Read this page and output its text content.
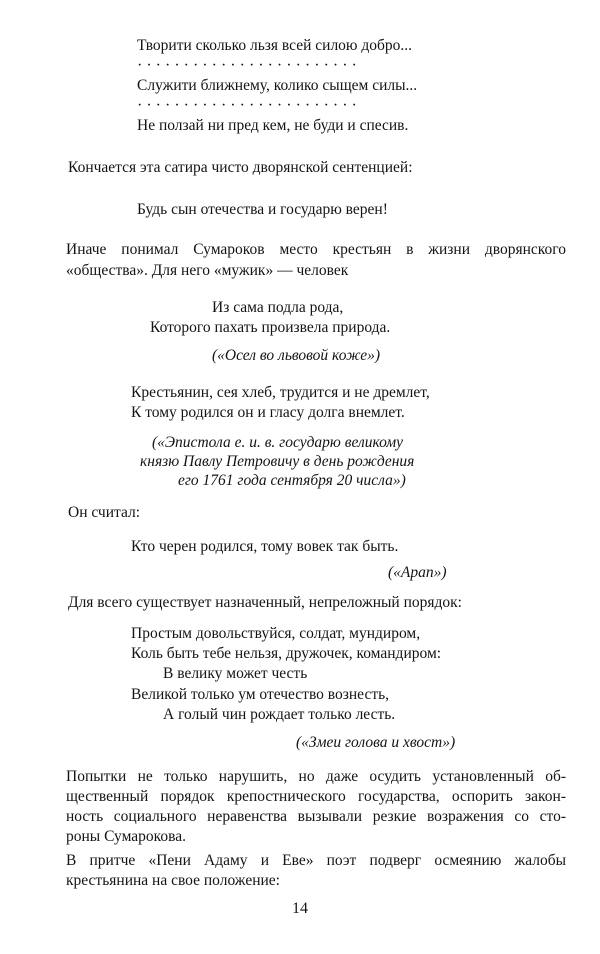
Творити сколько льзя всей силою добро...
· · · · · · · · · · · · · · · · · · · · · · · ·
Служити ближнему, колико сыщем силы...
· · · · · · · · · · · · · · · · · · · · · · · ·
Не ползай ни пред кем, не буди и спесив.
Кончается эта сатира чисто дворянской сентенцией:
Будь сын отечества и государю верен!
Иначе понимал Сумароков место крестьян в жизни дворянского
«общества». Для него «мужик» — человек
Из сама подла рода,
Которого пахать произвела природа.
(«Осел во львовой коже»)
Крестьянин, сея хлеб, трудится и не дремлет,
К тому родился он и гласу долга внемлет.
(«Эпистола е. и. в. государю великому
князю Павлу Петровичу в день рождения
его 1761 года сентября 20 числа»)
Он считал:
Кто черен родился, тому вовек так быть.
(«Арап»)
Для всего существует назначенный, непреложный порядок:
Простым довольствуйся, солдат, мундиром,
Коль быть тебе нельзя, дружочек, командиром:
В велику может честь
Великой только ум отечество вознесть,
А голый чин рождает только лесть.
(«Змеи голова и хвост»)
Попытки не только нарушить, но даже осудить установленный об-
щественный порядок крепостнического государства, оспорить закон-
ность социального неравенства вызывали резкие возражения со сто-
роны Сумарокова.
В притче «Пени Адаму и Еве» поэт подверг осмеянию жалобы
крестьянина на свое положение:
14
